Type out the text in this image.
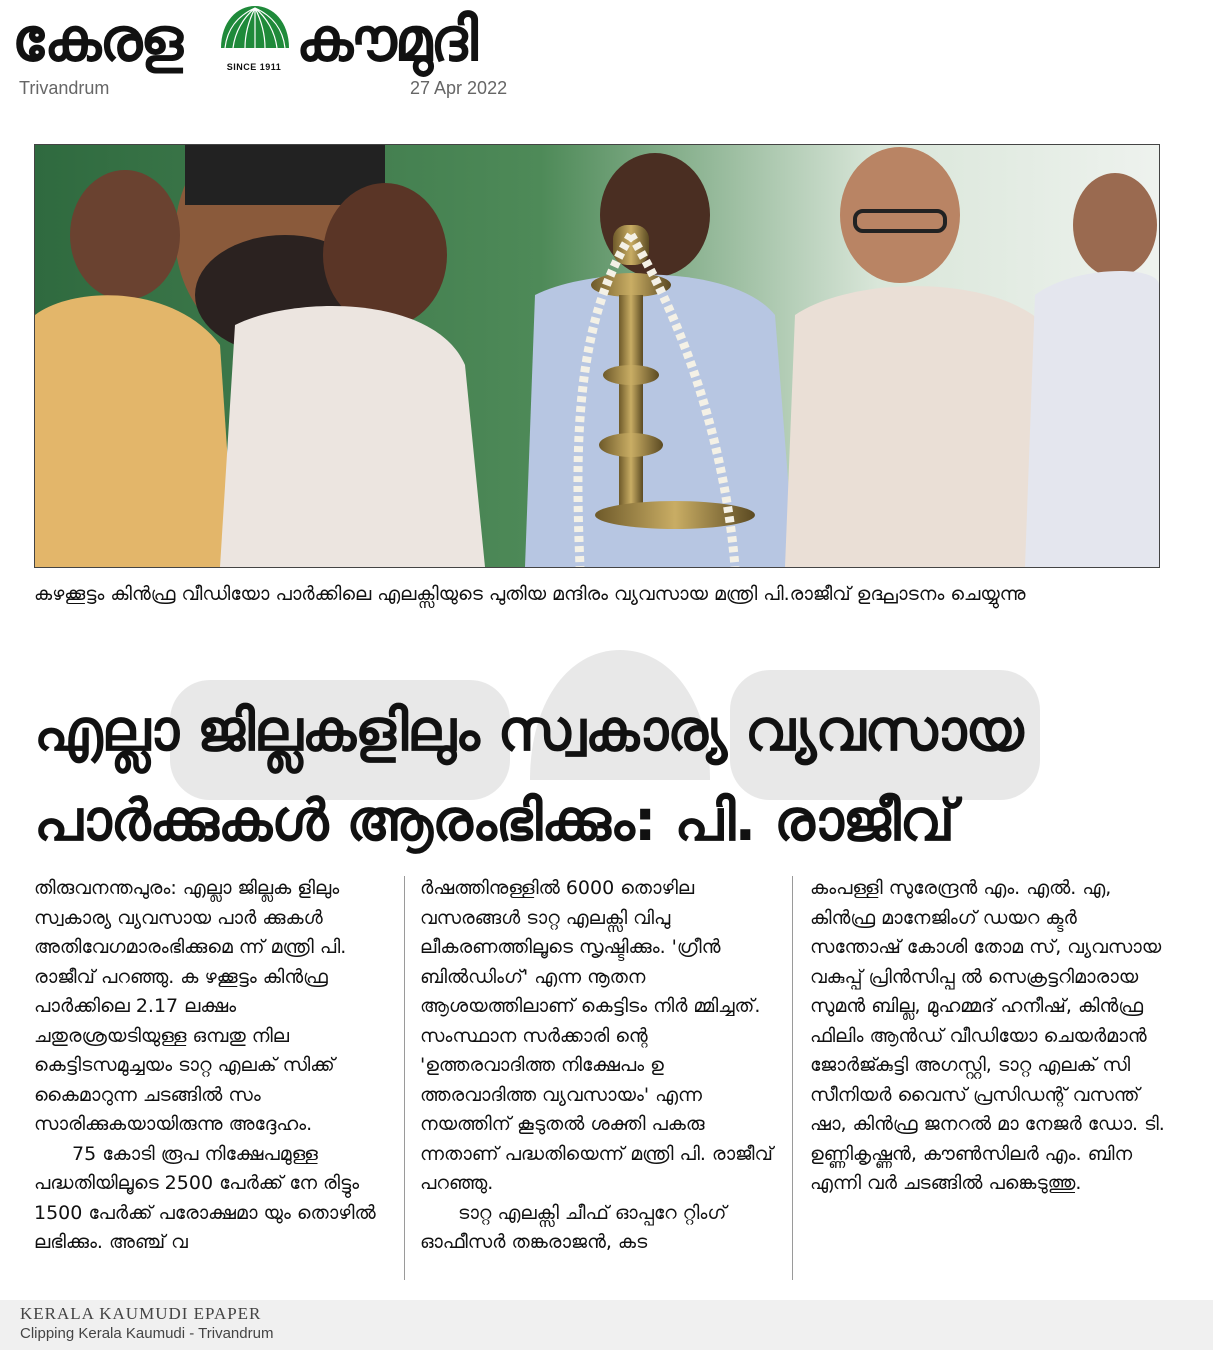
കേരള	SINCE 1911 കൗമുദി
Trivandrum	27 Apr 2022
കഴക്കൂട്ടം കിൻഫ്ര വീഡിയോ പാർക്കിലെ എലക്സിയുടെ പുതിയ മന്ദിരം വ്യവസായ മന്ത്രി പി.രാജീവ് ഉദ്ഘാടനം ചെയ്യുന്നു
എല്ലാ ജില്ലകളിലും സ്വകാര്യ വ്യവസായ
പാർക്കുകൾ ആരംഭിക്കും: പി. രാജീവ്

തിരുവനന്തപുരം: എല്ലാ ജില്ലക ളിലും സ്വകാര്യ വ്യവസായ പാർ ക്കുകൾ അതിവേഗമാരംഭിക്കുമെ ന്ന് മന്ത്രി പി. രാജീവ് പറഞ്ഞു. ക ഴക്കൂട്ടം കിൻഫ്ര പാർക്കിലെ 2.17 ലക്ഷം ചതുരശ്രയടിയുള്ള ഒമ്പതു നില കെട്ടിടസമുച്ചയം ടാറ്റ എലക് സിക്ക് കൈമാറുന്ന ചടങ്ങിൽ സം സാരിക്കുകയായിരുന്നു അദ്ദേഹം.

75 കോടി രൂപ നിക്ഷേപമുള്ള പദ്ധതിയിലൂടെ 2500 പേർക്ക് നേ രിട്ടും 1500 പേർക്ക് പരോക്ഷമാ യും തൊഴിൽ ലഭിക്കും. അഞ്ച് വ

ർഷത്തിനുള്ളിൽ 6000 തൊഴില വസരങ്ങൾ ടാറ്റ എലക്സി വിപു ലീകരണത്തിലൂടെ സൃഷ്ടിക്കും. 'ഗ്രീൻ ബിൽഡിംഗ്' എന്ന നൂതന ആശയത്തിലാണ് കെട്ടിടം നിർ മ്മിച്ചത്. സംസ്ഥാന സർക്കാരി ന്റെ 'ഉത്തരവാദിത്ത നിക്ഷേപം ഉ ത്തരവാദിത്ത വ്യവസായം' എന്ന നയത്തിന് കൂടുതൽ ശക്തി പകരു ന്നതാണ് പദ്ധതിയെന്ന് മന്ത്രി പി. രാജീവ് പറഞ്ഞു.

ടാറ്റ എലക്സി ചീഫ് ഓപ്പറേ റ്റിംഗ് ഓഫീസർ തങ്കരാജൻ, കട

കംപള്ളി സുരേന്ദ്രൻ എം. എൽ. എ, കിൻഫ്ര മാനേജിംഗ് ഡയറ ക്ടർ സന്തോഷ് കോശി തോമ സ്, വ്യവസായ വകുപ്പ് പ്രിൻസിപ്പ ൽ സെക്രട്ടറിമാരായ സുമൻ ബില്ല, മുഹമ്മദ് ഹനീഷ്, കിൻഫ്ര ഫിലിം ആൻഡ് വീഡിയോ ചെയർമാൻ ജോർജ്കുട്ടി അഗസ്റ്റി, ടാറ്റ എലക് സി സീനിയർ വൈസ് പ്രസിഡന്റ് വസന്ത് ഷാ, കിൻഫ്ര ജനറൽ മാ നേജർ ഡോ. ടി. ഉണ്ണികൃഷ്ണൻ, കൗൺസിലർ എം. ബിന എന്നി വർ ചടങ്ങിൽ പങ്കെടുത്തു.

KERALA KAUMUDI EPAPER
Clipping Kerala Kaumudi - Trivandrum
